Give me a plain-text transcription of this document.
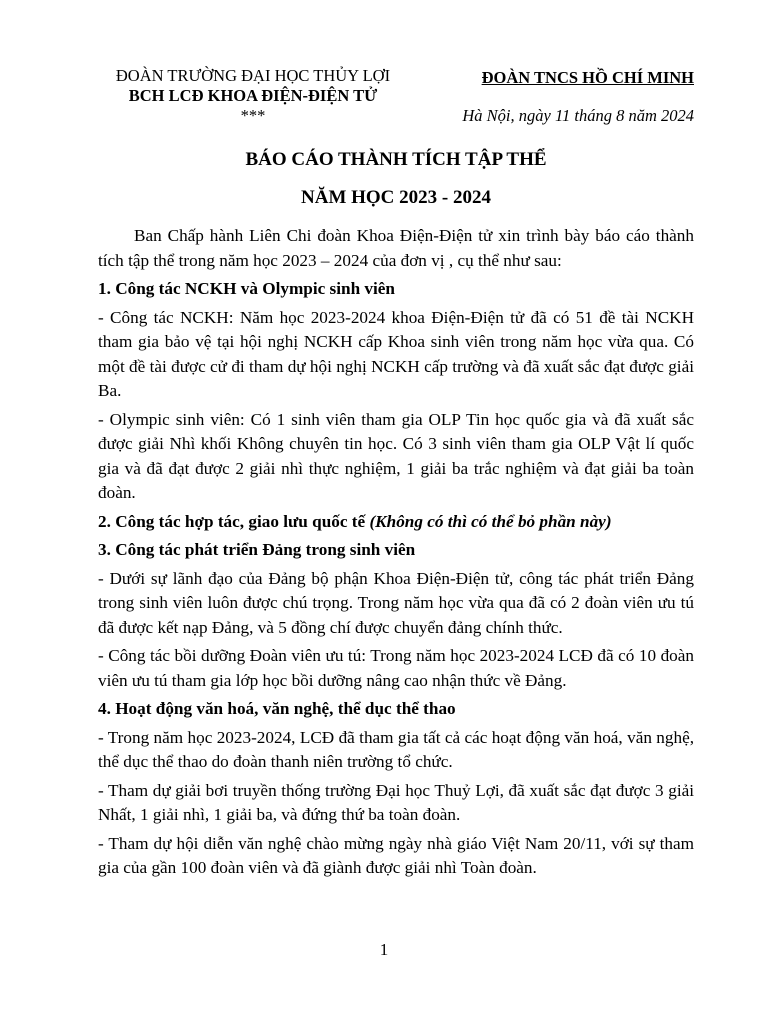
ĐOÀN TRƯỜNG ĐẠI HỌC THỦY LỢI
BCH LCĐ KHOA ĐIỆN-ĐIỆN TỬ
***
ĐOÀN TNCS HỒ CHÍ MINH
Hà Nội, ngày 11 tháng 8 năm 2024
BÁO CÁO THÀNH TÍCH TẬP THỂ
NĂM HỌC 2023 - 2024

Ban Chấp hành Liên Chi đoàn Khoa Điện-Điện tử xin trình bày báo cáo thành tích tập thể trong năm học 2023 – 2024 của đơn vị , cụ thể như sau:

1. Công tác NCKH và Olympic sinh viên

- Công tác NCKH: Năm học 2023-2024 khoa Điện-Điện tử đã có 51 đề tài NCKH tham gia bảo vệ tại hội nghị NCKH cấp Khoa sinh viên trong năm học vừa qua. Có một đề tài được cử đi tham dự hội nghị NCKH cấp trường và đã xuất sắc đạt được giải Ba.

- Olympic sinh viên: Có 1 sinh viên tham gia OLP Tin học quốc gia và đã xuất sắc được giải Nhì khối Không chuyên tin học. Có 3 sinh viên tham gia OLP Vật lí quốc gia và đã đạt được 2 giải nhì thực nghiệm, 1 giải ba trắc nghiệm và đạt giải ba toàn đoàn.

2. Công tác hợp tác, giao lưu quốc tế (Không có thì có thể bỏ phần này)
3. Công tác phát triển Đảng trong sinh viên

- Dưới sự lãnh đạo của Đảng bộ phận Khoa Điện-Điện tử, công tác phát triển Đảng trong sinh viên luôn được chú trọng. Trong năm học vừa qua đã có 2 đoàn viên ưu tú đã được kết nạp Đảng, và 5 đồng chí được chuyển đảng chính thức.

- Công tác bồi dưỡng Đoàn viên ưu tú: Trong năm học 2023-2024 LCĐ đã có 10 đoàn viên ưu tú tham gia lớp học bồi dưỡng nâng cao nhận thức về Đảng.

4. Hoạt động văn hoá, văn nghệ, thể dục thể thao

- Trong năm học 2023-2024, LCĐ đã tham gia tất cả các hoạt động văn hoá, văn nghệ, thể dục thể thao do đoàn thanh niên trường tổ chức.

- Tham dự giải bơi truyền thống trường Đại học Thuỷ Lợi, đã xuất sắc đạt được 3 giải Nhất, 1 giải nhì, 1 giải ba, và đứng thứ ba toàn đoàn.

- Tham dự hội diễn văn nghệ chào mừng ngày nhà giáo Việt Nam 20/11, với sự tham gia của gần 100 đoàn viên và đã giành được giải nhì Toàn đoàn.

1
